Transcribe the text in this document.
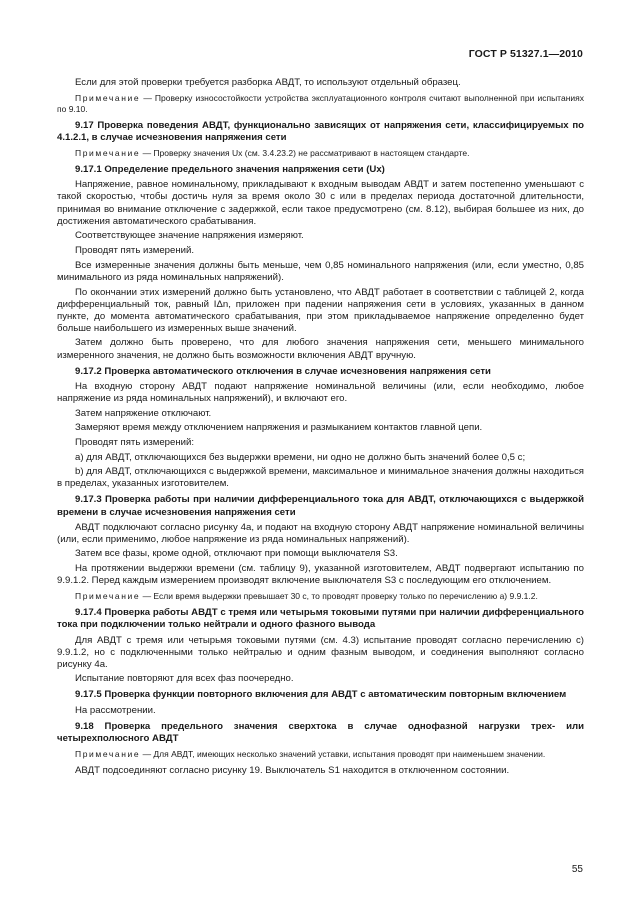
ГОСТ Р 51327.1—2010
Если для этой проверки требуется разборка АВДТ, то используют отдельный образец.
Примечание — Проверку износостойкости устройства эксплуатационного контроля считают выполненной при испытаниях по 9.10.
9.17 Проверка поведения АВДТ, функционально зависящих от напряжения сети, классифицируемых по 4.1.2.1, в случае исчезновения напряжения сети
Примечание — Проверку значения Uх (см. 3.4.23.2) не рассматривают в настоящем стандарте.
9.17.1 Определение предельного значения напряжения сети (Uх)
Напряжение, равное номинальному, прикладывают к входным выводам АВДТ и затем постепенно уменьшают с такой скоростью, чтобы достичь нуля за время около 30 с или в пределах периода достаточной длительности, принимая во внимание отключение с задержкой, если такое предусмотрено (см. 8.12), выбирая большее из них, до достижения автоматического срабатывания.
Соответствующее значение напряжения измеряют.
Проводят пять измерений.
Все измеренные значения должны быть меньше, чем 0,85 номинального напряжения (или, если уместно, 0,85 минимального из ряда номинальных напряжений).
По окончании этих измерений должно быть установлено, что АВДТ работает в соответствии с таблицей 2, когда дифференциальный ток, равный IΔn, приложен при падении напряжения сети в условиях, указанных в данном пункте, до момента автоматического срабатывания, при этом прикладываемое напряжение определенно будет больше наибольшего из измеренных выше значений.
Затем должно быть проверено, что для любого значения напряжения сети, меньшего минимального измеренного значения, не должно быть возможности включения АВДТ вручную.
9.17.2 Проверка автоматического отключения в случае исчезновения напряжения сети
На входную сторону АВДТ подают напряжение номинальной величины (или, если необходимо, любое напряжение из ряда номинальных напряжений), и включают его.
Затем напряжение отключают.
Замеряют время между отключением напряжения и размыканием контактов главной цепи.
Проводят пять измерений:
a) для АВДТ, отключающихся без выдержки времени, ни одно не должно быть значений более 0,5 с;
b) для АВДТ, отключающихся с выдержкой времени, максимальное и минимальное значения должны находиться в пределах, указанных изготовителем.
9.17.3 Проверка работы при наличии дифференциального тока для АВДТ, отключающихся с выдержкой времени в случае исчезновения напряжения сети
АВДТ подключают согласно рисунку 4a, и подают на входную сторону АВДТ напряжение номинальной величины (или, если применимо, любое напряжение из ряда номинальных напряжений).
Затем все фазы, кроме одной, отключают при помощи выключателя S3.
На протяжении выдержки времени (см. таблицу 9), указанной изготовителем, АВДТ подвергают испытанию по 9.9.1.2. Перед каждым измерением производят включение выключателя S3 с последующим его отключением.
Примечание — Если время выдержки превышает 30 с, то проводят проверку только по перечислению a) 9.9.1.2.
9.17.4 Проверка работы АВДТ с тремя или четырьмя токовыми путями при наличии дифференциального тока при подключении только нейтрали и одного фазного вывода
Для АВДТ с тремя или четырьмя токовыми путями (см. 4.3) испытание проводят согласно перечислению c) 9.9.1.2, но с подключенными только нейтралью и одним фазным выводом, и соединения выполняют согласно рисунку 4a.
Испытание повторяют для всех фаз поочередно.
9.17.5 Проверка функции повторного включения для АВДТ с автоматическим повторным включением
На рассмотрении.
9.18 Проверка предельного значения сверхтока в случае однофазной нагрузки трех- или четырехполюсного АВДТ
Примечание — Для АВДТ, имеющих несколько значений уставки, испытания проводят при наименьшем значении.
АВДТ подсоединяют согласно рисунку 19. Выключатель S1 находится в отключенном состоянии.
55
